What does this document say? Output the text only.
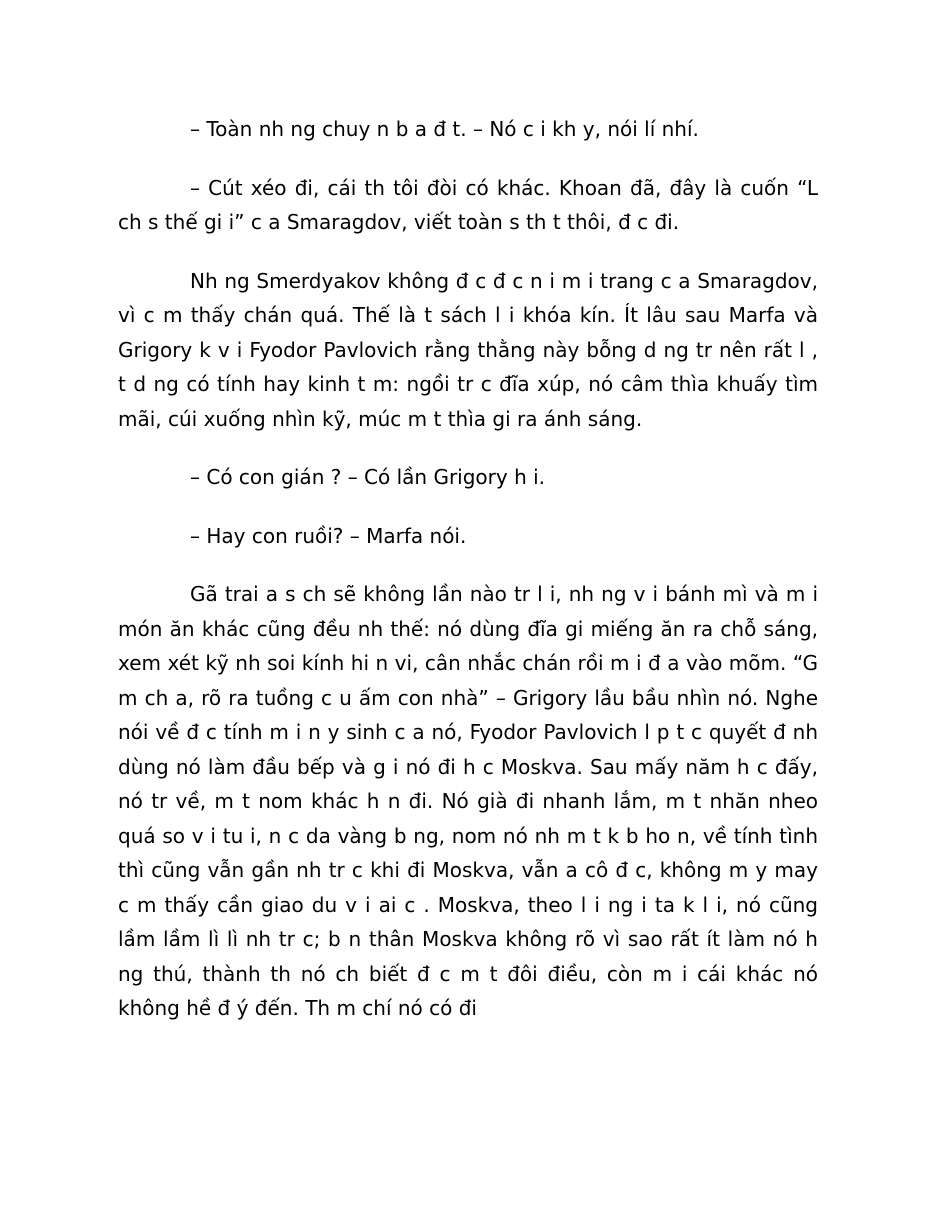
– Toàn nh ng chuy n b a đ t. – Nó c i kh y, nói lí nhí.

– Cút xéo đi, cái th tôi đòi có khác. Khoan đã, đây là cuốn “L ch s thế gi i” c a Smaragdov, viết toàn s th t thôi, đ c đi.

Nh ng Smerdyakov không đ c đ c n i m i trang c a Smaragdov, vì c m thấy chán quá. Thế là t sách l i khóa kín. Ít lâu sau Marfa và Grigory k v i Fyodor Pavlovich rằng thằng này bỗng d ng tr nên rất l , t d ng có tính hay kinh t m: ngồi tr c đĩa xúp, nó câm thìa khuấy tìm mãi, cúi xuống nhìn kỹ, múc m t thìa gi ra ánh sáng.

– Có con gián ? – Có lần Grigory h i.

– Hay con ruồi? – Marfa nói.

Gã trai a s ch sẽ không lần nào tr l i, nh ng v i bánh mì và m i món ăn khác cũng đều nh thế: nó dùng đĩa gi miếng ăn ra chỗ sáng, xem xét kỹ nh soi kính hi n vi, cân nhắc chán rồi m i đ a vào mõm. “G m ch a, rõ ra tuồng c u ấm con nhà” – Grigory lầu bầu nhìn nó. Nghe nói về đ c tính m i n y sinh c a nó, Fyodor Pavlovich l p t c quyết đ nh dùng nó làm đầu bếp và g i nó đi h c Moskva. Sau mấy năm h c đấy, nó tr về, m t nom khác h n đi. Nó già đi nhanh lắm, m t nhăn nheo quá so v i tu i, n c da vàng b ng, nom nó nh m t k b ho n, về tính tình thì cũng vẫn gần nh tr c khi đi Moskva, vẫn a cô đ c, không m y may c m thấy cần giao du v i ai c . Moskva, theo l i ng i ta k l i, nó cũng lầm lầm lì lì nh tr c; b n thân Moskva không rõ vì sao rất ít làm nó h ng thú, thành th nó ch biết đ c m t đôi điều, còn m i cái khác nó không hề đ ý đến. Th m chí nó có đi
